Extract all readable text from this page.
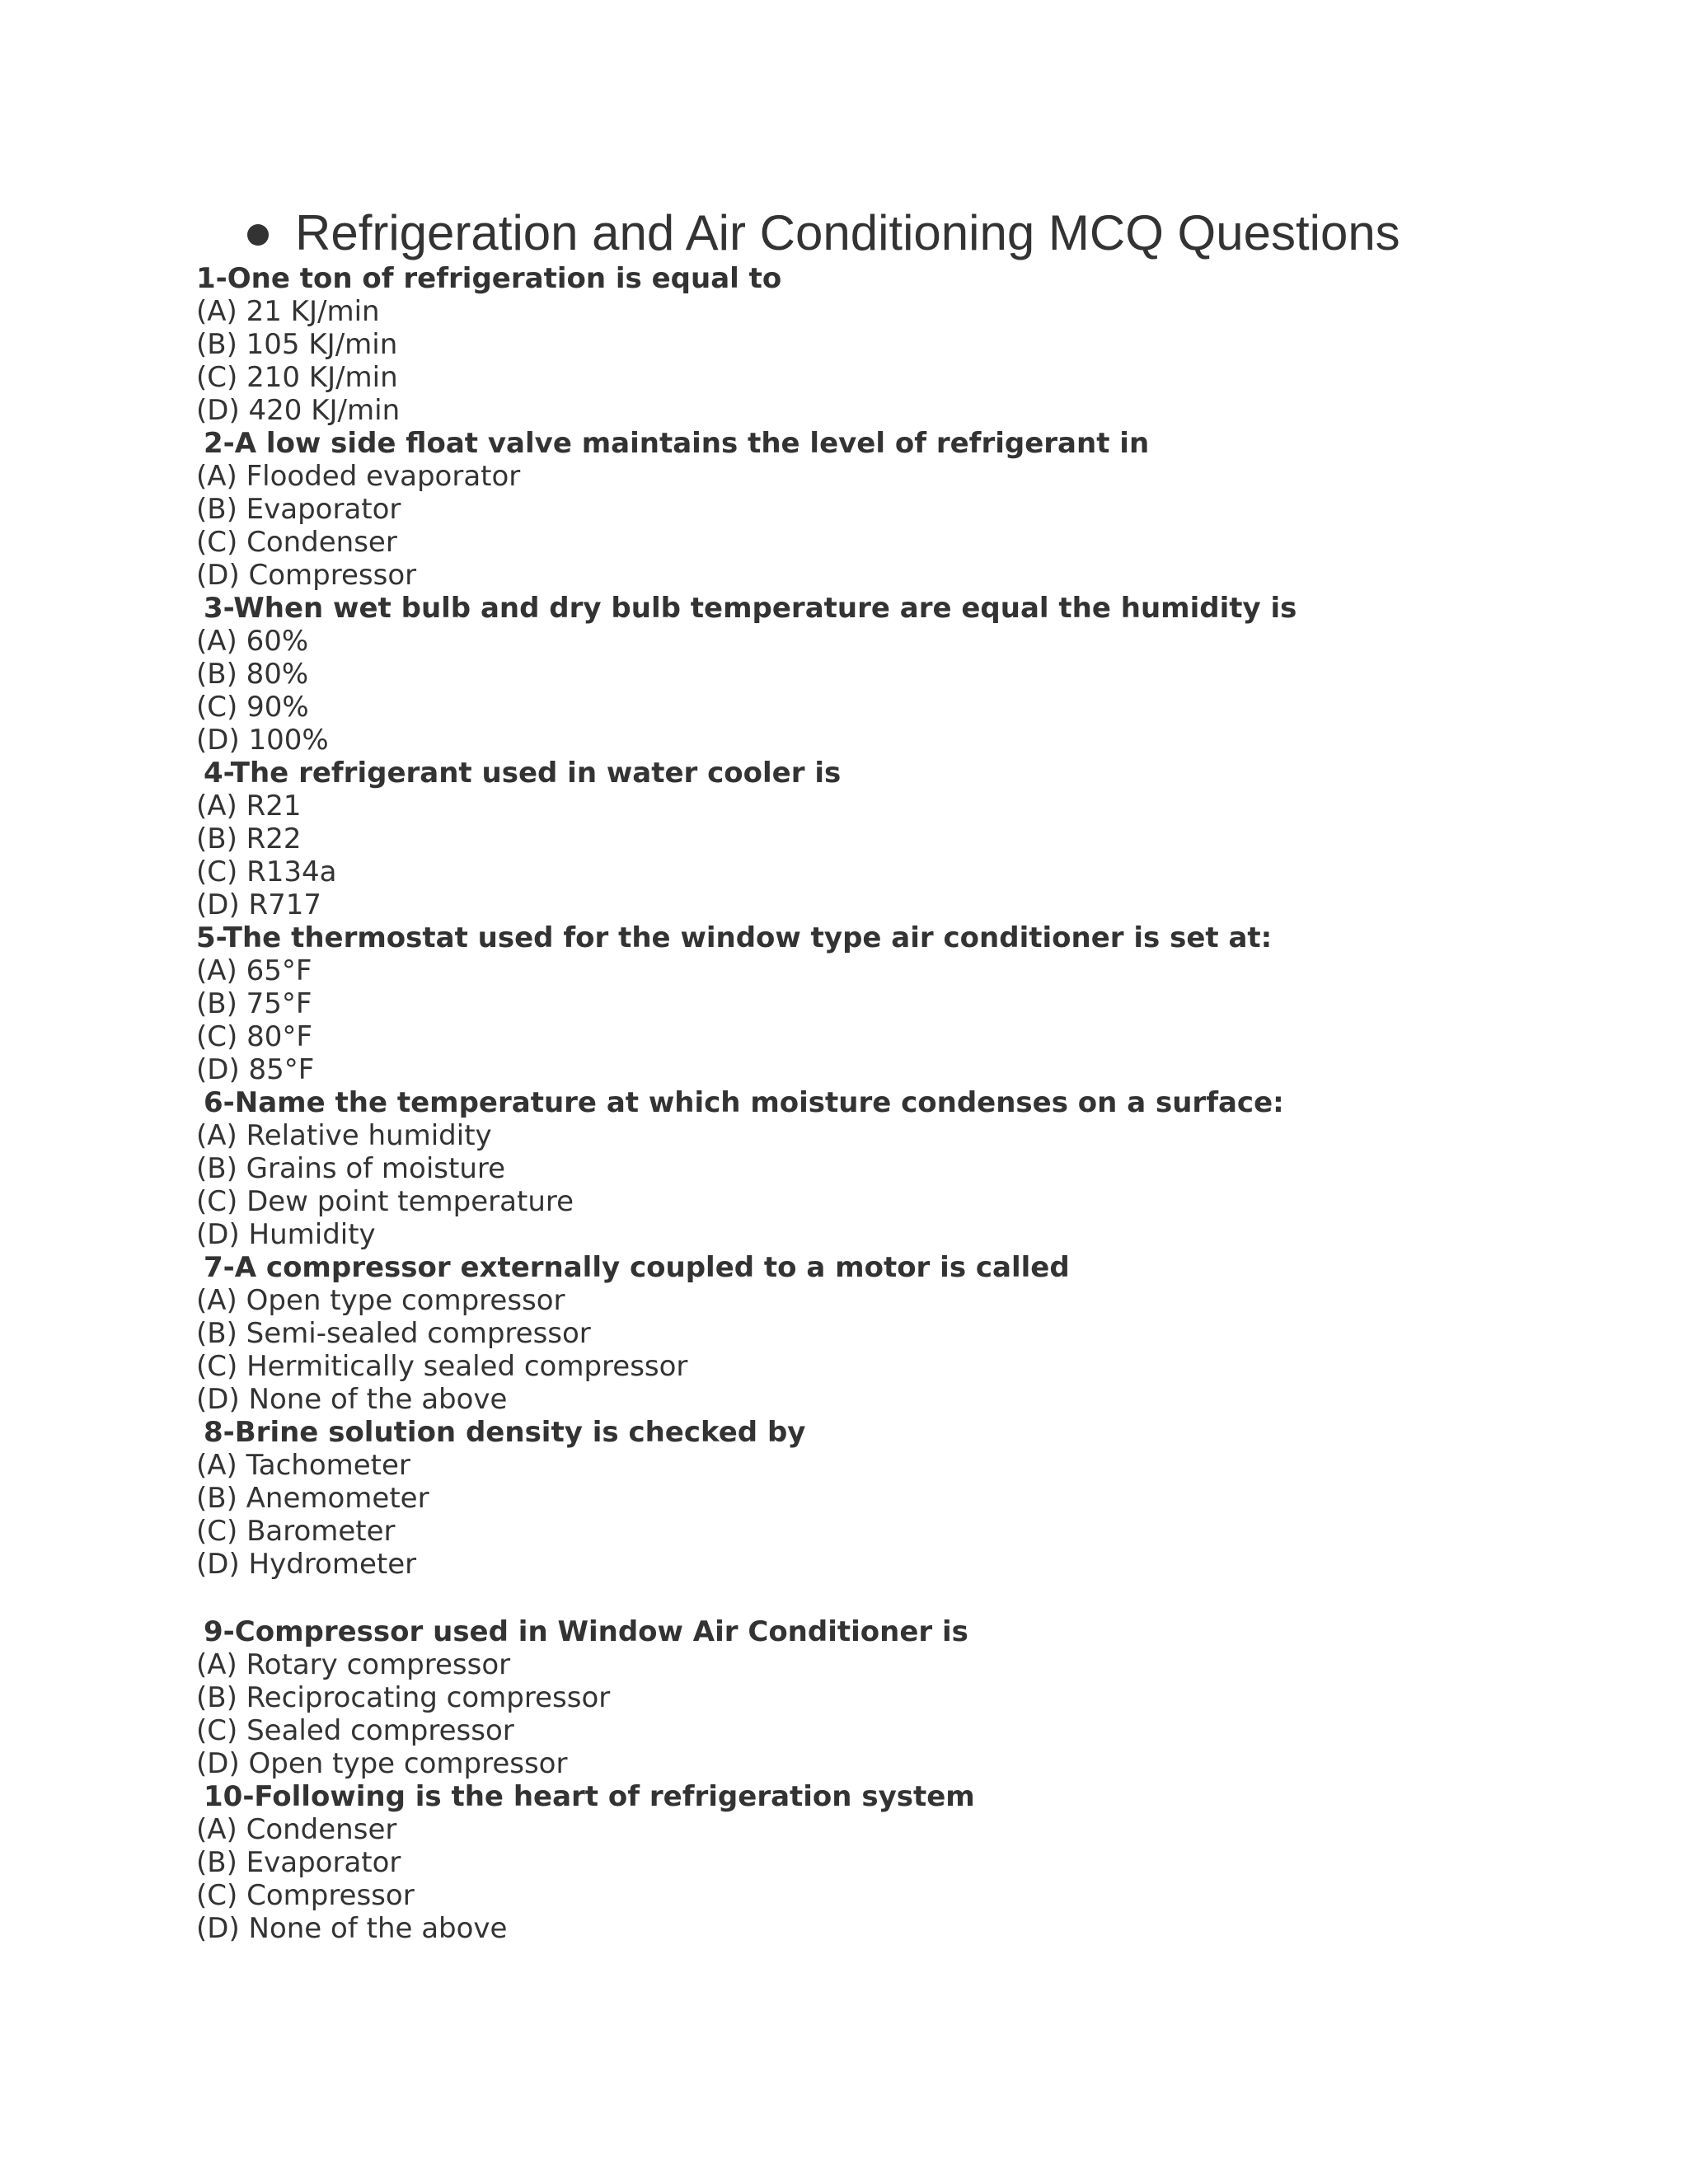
Refrigeration and Air Conditioning MCQ Questions
1-One ton of refrigeration is equal to
(A) 21 KJ/min
(B) 105 KJ/min
(C) 210 KJ/min
(D) 420 KJ/min
2-A low side float valve maintains the level of refrigerant in
(A) Flooded evaporator
(B) Evaporator
(C) Condenser
(D) Compressor
3-When wet bulb and dry bulb temperature are equal the humidity is
(A) 60%
(B) 80%
(C) 90%
(D) 100%
4-The refrigerant used in water cooler is
(A) R21
(B) R22
(C) R134a
(D) R717
5-The thermostat used for the window type air conditioner is set at:
(A) 65°F
(B) 75°F
(C) 80°F
(D) 85°F
6-Name the temperature at which moisture condenses on a surface:
(A) Relative humidity
(B) Grains of moisture
(C) Dew point temperature
(D) Humidity
7-A compressor externally coupled to a motor is called
(A) Open type compressor
(B) Semi-sealed compressor
(C) Hermitically sealed compressor
(D) None of the above
8-Brine solution density is checked by
(A) Tachometer
(B) Anemometer
(C) Barometer
(D) Hydrometer
9-Compressor used in Window Air Conditioner is
(A) Rotary compressor
(B) Reciprocating compressor
(C) Sealed compressor
(D) Open type compressor
10-Following is the heart of refrigeration system
(A) Condenser
(B) Evaporator
(C) Compressor
(D) None of the above
